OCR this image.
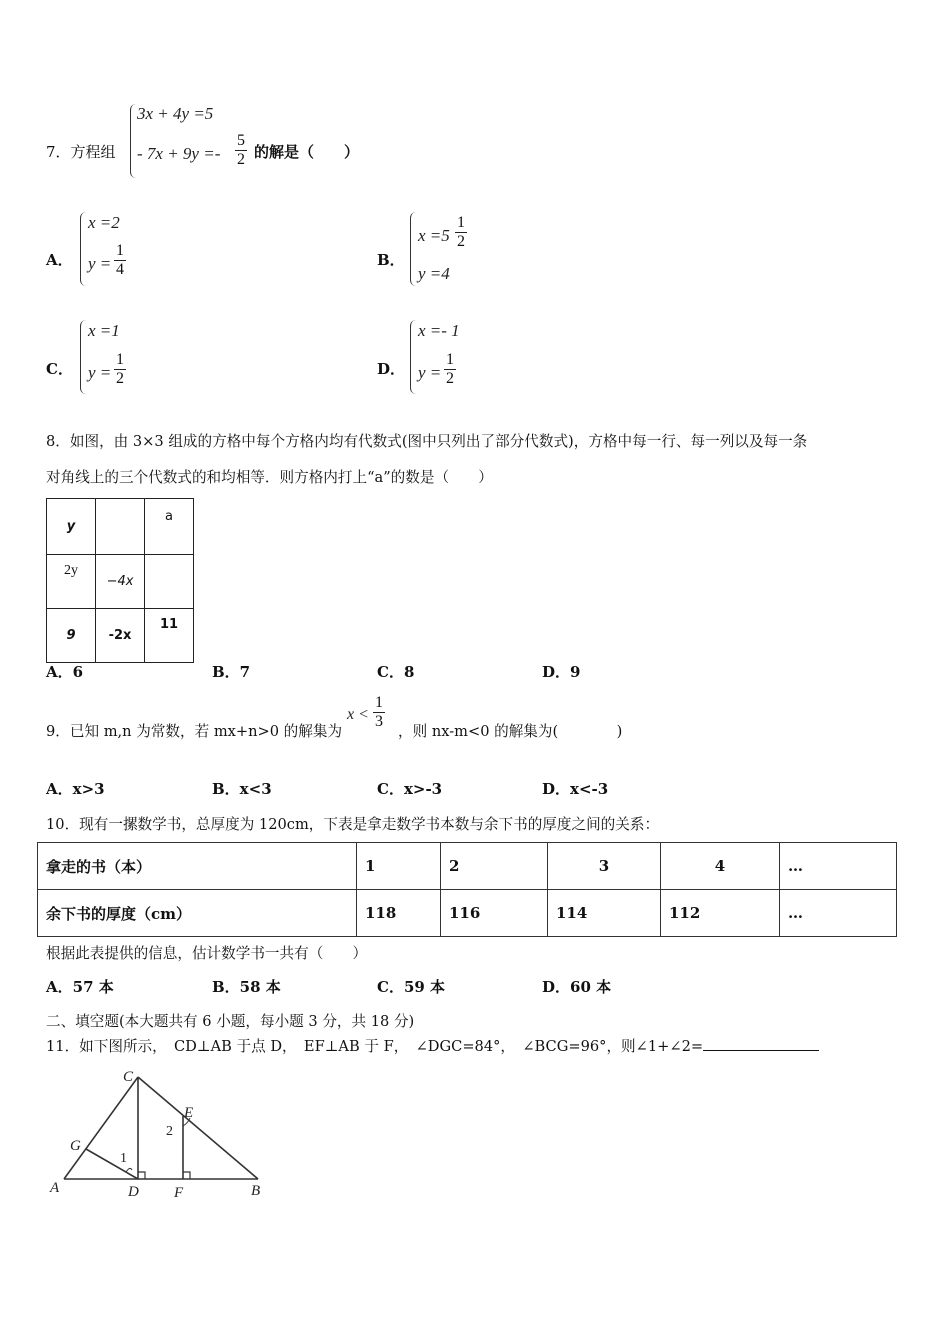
7．方程组
3x + 4y =5
- $7x + 9y =- \frac{5}{2}$ 的解是（　　）
A．
x =2
$y = \frac{1}{4}$	B．
$x =5 \frac{1}{2}$
y =4
C．
x =1
$y = \frac{1}{2}$	D．
x =- 1
$y = \frac{1}{2}$
8．如图，由 3×3 组成的方格中每个方格内均有代数式(图中只列出了部分代数式)，方格中每一行、每一列以及每一条
对角线上的三个代数式的和均相等．则方格内打上“a”的数是（　　）
y		a
2y	−4x	
9	-2x	11
A．6	B．7	C．8	D．9
9．已知 m,n 为常数，若 mx+n>0 的解集为
$x < \frac{1}{3}$
，则 nx-m<0 的解集为(　　　　)
A．x>3	B．x<3	C．x>-3	D．x<-3
10．现有一摞数学书，总厚度为 120cm，下表是拿走数学书本数与余下书的厚度之间的关系：
拿走的书（本）	1	2	3	4	…
余下书的厚度（cm）	118	116	114	112	…
根据此表提供的信息，估计数学书一共有（　　）
A．57 本	B．58 本	C．59 本	D．60 本
二、填空题(本大题共有 6 小题，每小题 3 分，共 18 分)
11．如下图所示，　CD⊥AB 于点 D，　EF⊥AB 于 F，　∠DGC=84°，　∠BCG=96°，则∠1+∠2=
C
E
G
A	D F	B
1
2
